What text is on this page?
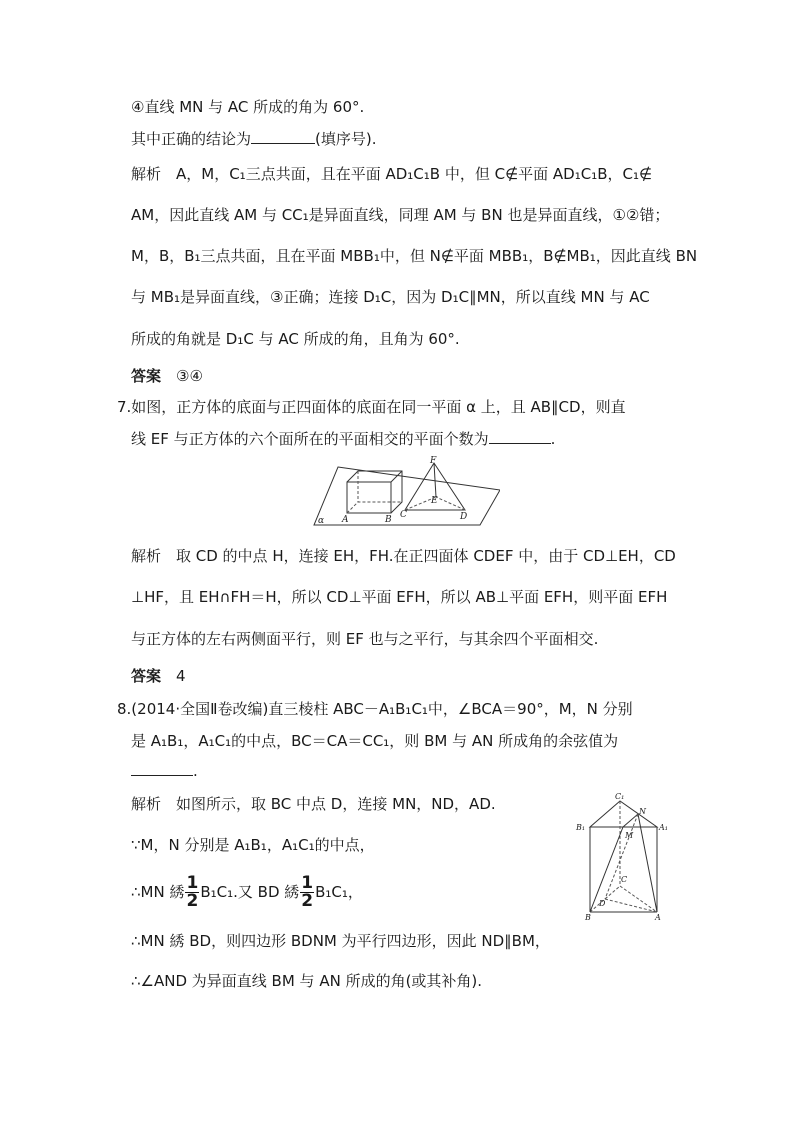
④直线 MN 与 AC 所成的角为 60°.
其中正确的结论为	(填序号).
解析　A，M，C₁三点共面，且在平面 AD₁C₁B 中，但 C∉平面 AD₁C₁B，C₁∉
AM，因此直线 AM 与 CC₁是异面直线，同理 AM 与 BN 也是异面直线，①②错；
M，B，B₁三点共面，且在平面 MBB₁中，但 N∉平面 MBB₁，B∉MB₁，因此直线 BN
与 MB₁是异面直线，③正确；连接 D₁C，因为 D₁C∥MN，所以直线 MN 与 AC
所成的角就是 D₁C 与 AC 所成的角，且角为 60°.
答案　 ③④
7.如图，正方体的底面与正四面体的底面在同一平面 α 上，且 AB∥CD，则直
线 EF 与正方体的六个面所在的平面相交的平面个数为	.
F
E
A	B C	D
α
解析　取 CD 的中点 H，连接 EH，FH.在正四面体 CDEF 中，由于 CD⊥EH，CD
⊥HF，且 EH∩FH＝H，所以 CD⊥平面 EFH，所以 AB⊥平面 EFH，则平面 EFH
与正方体的左右两侧面平行，则 EF 也与之平行，与其余四个平面相交.
答案　 4
8.(2014·全国Ⅱ卷改编)直三棱柱 ABC－A₁B₁C₁中，∠BCA＝90°，M，N 分别
是 A₁B₁，A₁C₁的中点，BC＝CA＝CC₁，则 BM 与 AN 所成角的余弦值为
.
解析　如图所示，取 BC 中点 D，连接 MN，ND，AD.
∵M，N 分别是 A₁B₁，A₁C₁的中点，
∴MN 綉 $\frac{1}{2} B_1C_1$.又 BD 綉 $\frac{1}{2} B_1C_1$，
∴MN 綉 BD，则四边形 BDNM 为平行四边形，因此 ND∥BM，
∴∠AND 为异面直线 BM 与 AN 所成的角(或其补角).
C₁
N
B₁	A₁
M
C
D
B	A
